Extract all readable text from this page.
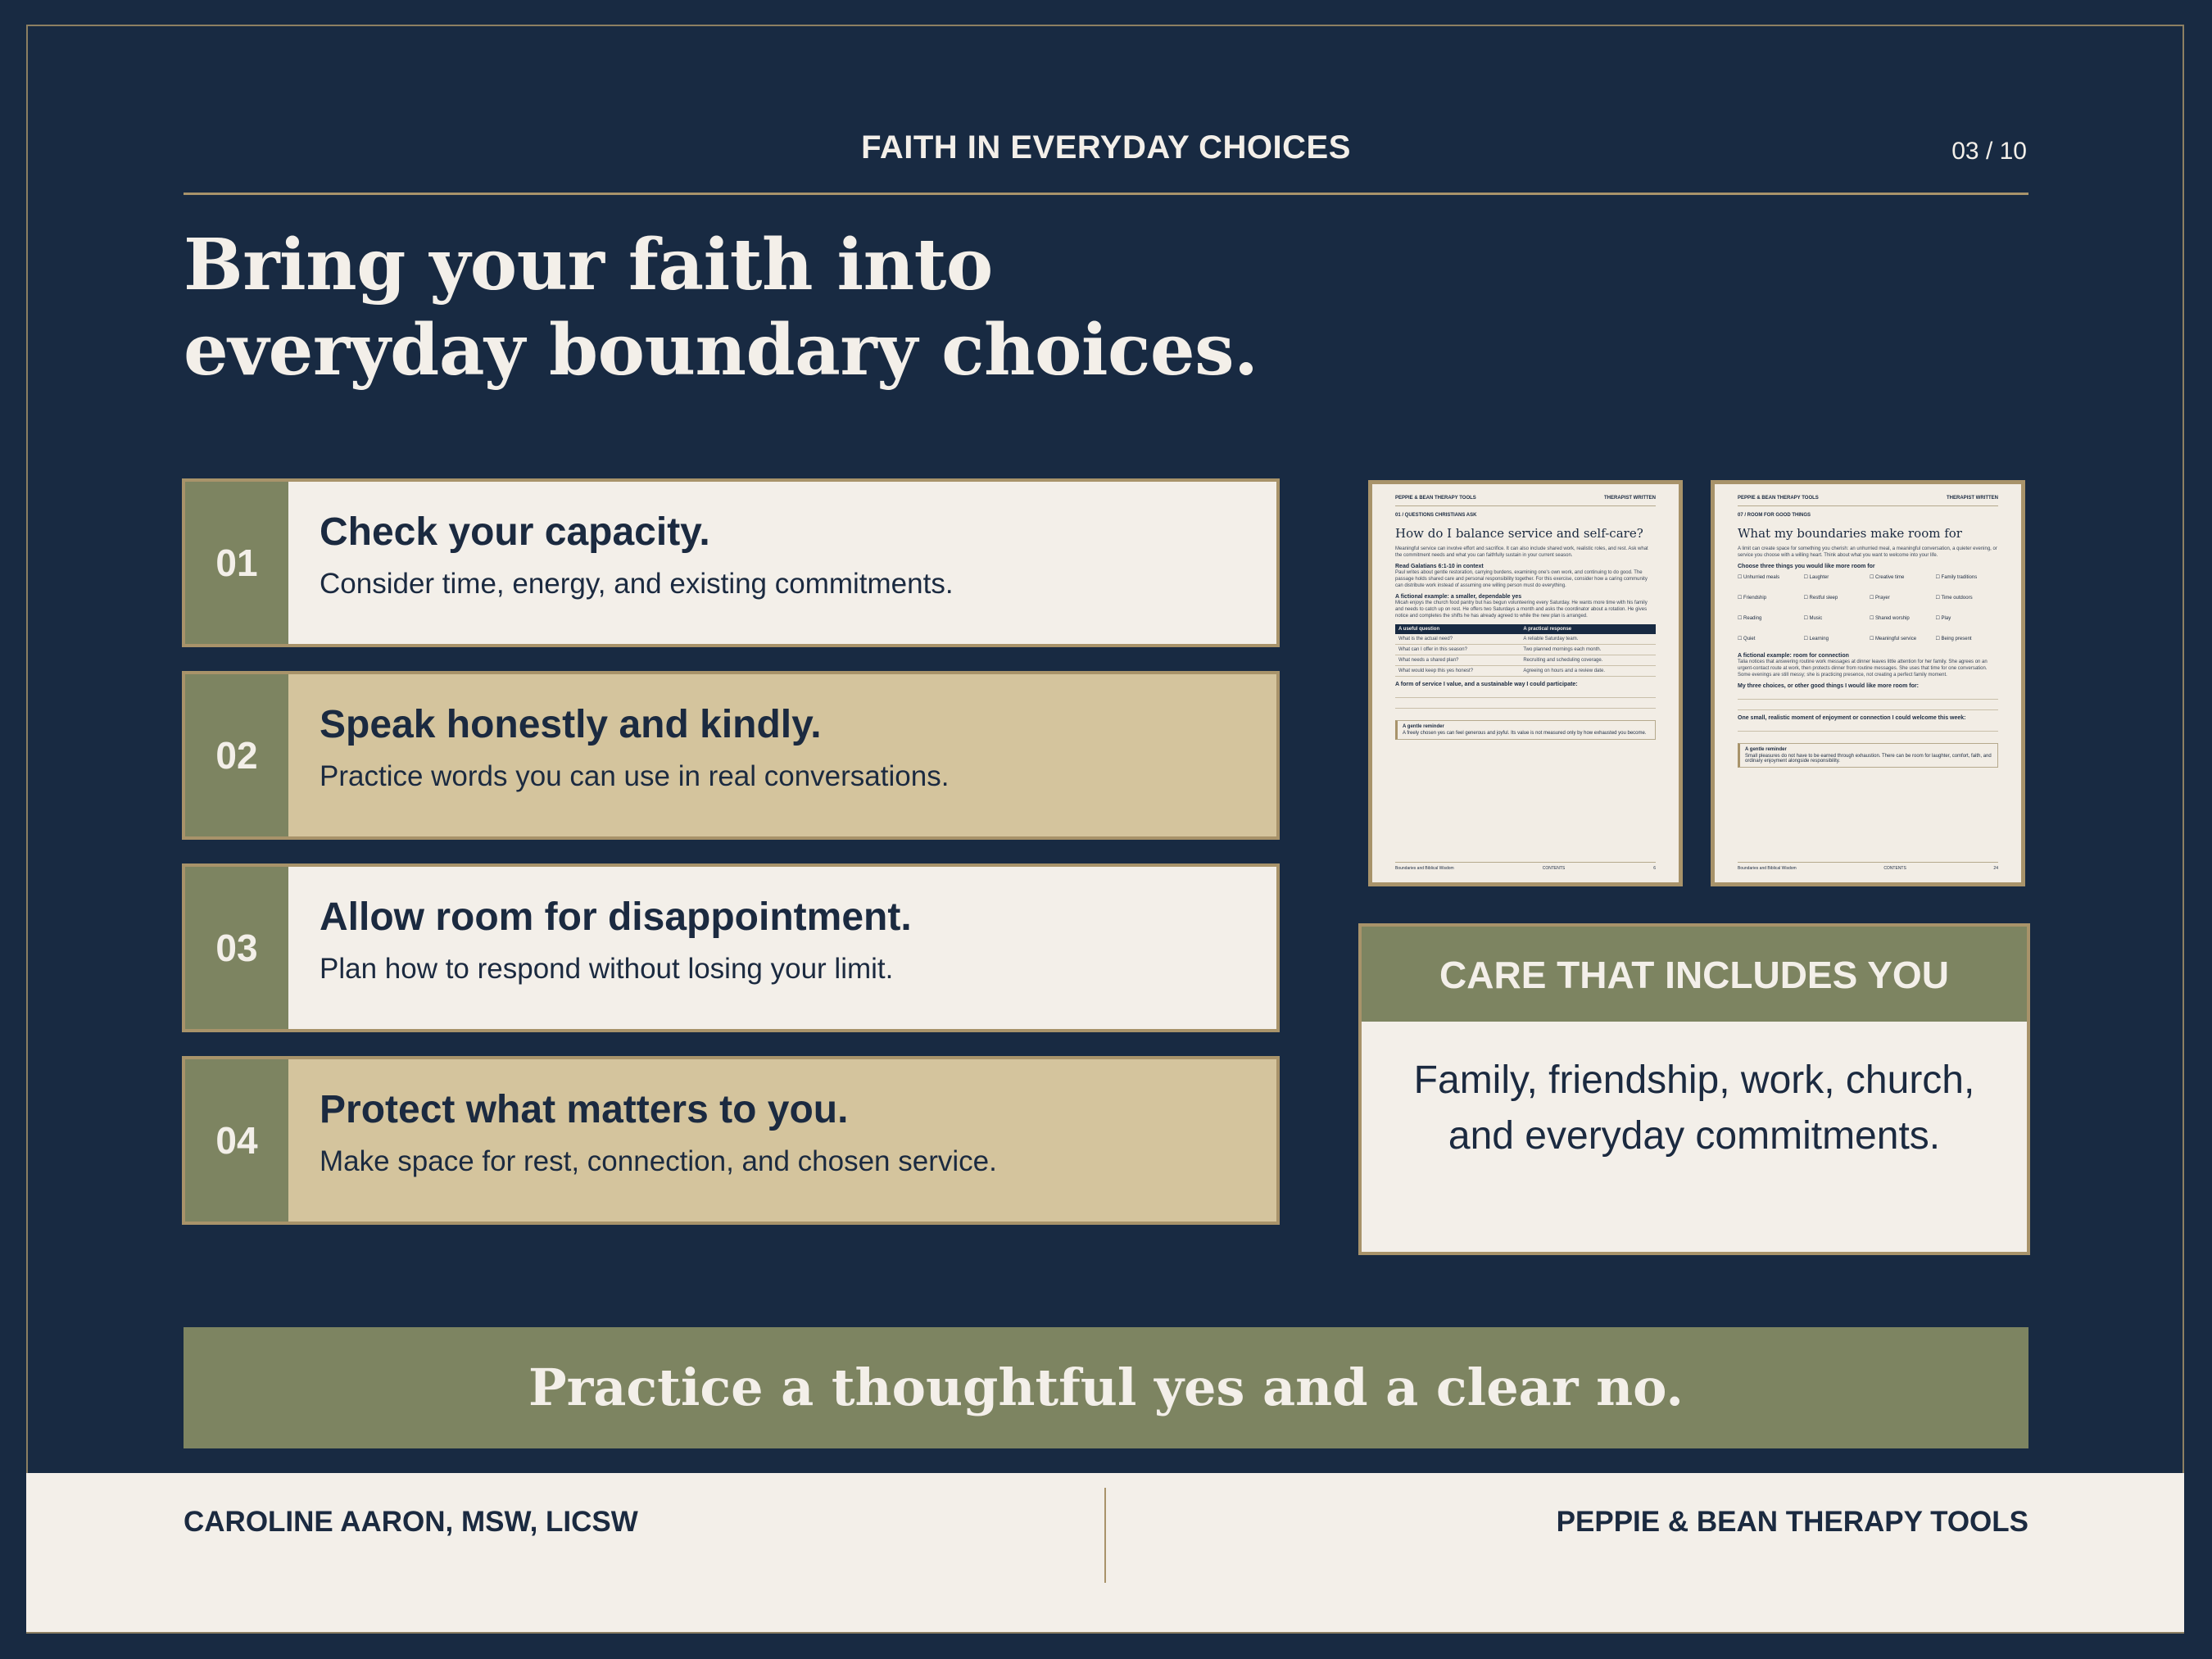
FAITH IN EVERYDAY CHOICES	03 / 10
Bring your faith into
everyday boundary choices.
01
Check your capacity.
Consider time, energy, and existing commitments.
02
Speak honestly and kindly.
Practice words you can use in real conversations.
03
Allow room for disappointment.
Plan how to respond without losing your limit.
04
Protect what matters to you.
Make space for rest, connection, and chosen service.
PEPPIE & BEAN THERAPY TOOLS	THERAPIST WRITTEN
01 / QUESTIONS CHRISTIANS ASK
How do I balance service and self-care?
Meaningful service can involve effort and sacrifice. It can also include shared work, realistic roles, and rest. Ask what the commitment needs and what you can faithfully sustain in your current season.
Read Galatians 6:1-10 in context
Paul writes about gentle restoration, carrying burdens, examining one's own work, and continuing to do good. The passage holds shared care and personal responsibility together. For this exercise, consider how a caring community can distribute work instead of assuming one willing person must do everything.
A fictional example: a smaller, dependable yes
Micah enjoys the church food pantry but has begun volunteering every Saturday. He wants more time with his family and needs to catch up on rest. He offers two Saturdays a month and asks the coordinator about a rotation. He gives notice and completes the shifts he has already agreed to while the new plan is arranged.
A useful question	A practical response
What is the actual need?	A reliable Saturday team.
What can I offer in this season?	Two planned mornings each month.
What needs a shared plan?	Recruiting and scheduling coverage.
What would keep this yes honest?	Agreeing on hours and a review date.
A form of service I value, and a sustainable way I could participate:
A gentle reminder
A freely chosen yes can feel generous and joyful. Its value is not measured only by how exhausted you become.
Boundaries and Biblical Wisdom	CONTENTS	6
PEPPIE & BEAN THERAPY TOOLS	THERAPIST WRITTEN
07 / ROOM FOR GOOD THINGS
What my boundaries make room for
A limit can create space for something you cherish: an unhurried meal, a meaningful conversation, a quieter evening, or service you choose with a willing heart. Think about what you want to welcome into your life.
Choose three things you would like more room for
☐ Unhurried meals	☐ Laughter	☐ Creative time	☐ Family traditions
☐ Friendship	☐ Restful sleep	☐ Prayer	☐ Time outdoors
☐ Reading	☐ Music	☐ Shared worship	☐ Play
☐ Quiet	☐ Learning	☐ Meaningful service	☐ Being present
A fictional example: room for connection
Talia notices that answering routine work messages at dinner leaves little attention for her family. She agrees on an urgent-contact route at work, then protects dinner from routine messages. She uses that time for one conversation. Some evenings are still messy; she is practicing presence, not creating a perfect family moment.
My three choices, or other good things I would like more room for:
One small, realistic moment of enjoyment or connection I could welcome this week:
A gentle reminder
Small pleasures do not have to be earned through exhaustion. There can be room for laughter, comfort, faith, and ordinary enjoyment alongside responsibility.
Boundaries and Biblical Wisdom	CONTENTS	24
CARE THAT INCLUDES YOU
Family, friendship, work, church,
and everyday commitments.
Practice a thoughtful yes and a clear no.
CAROLINE AARON, MSW, LICSW	PEPPIE & BEAN THERAPY TOOLS
